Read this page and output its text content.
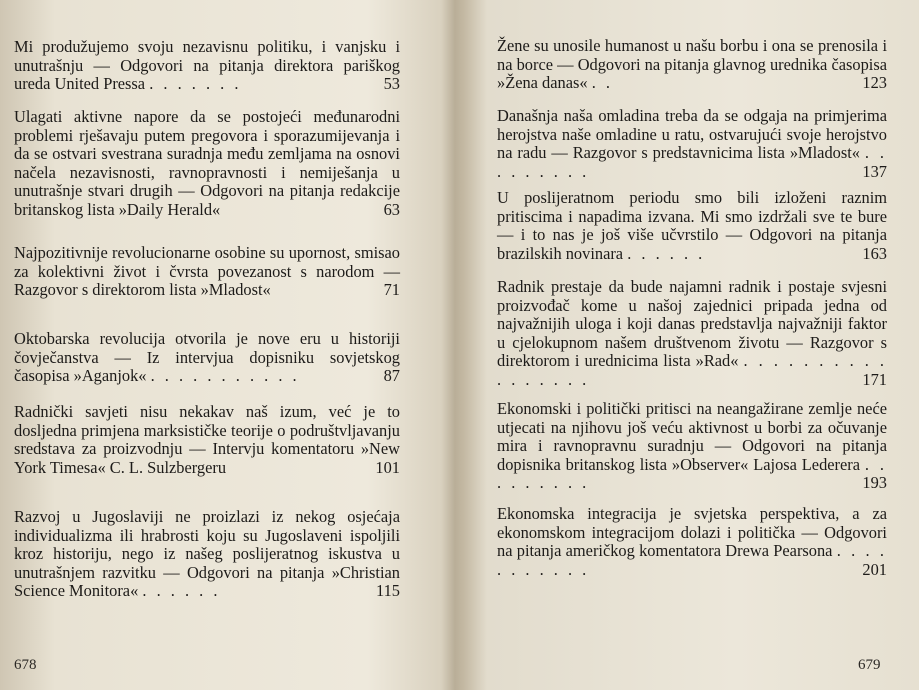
Mi produžujemo svoju nezavisnu politiku, i vanjsku i unutrašnju — Odgovori na pitanja direktora pariškog ureda United Pressa . . . . . . .	53
Ulagati aktivne napore da se postojeći međunarodni problemi rješavaju putem pregovora i sporazumijevanja i da se ostvari svestrana suradnja među zemljama na osnovi načela nezavisnosti, ravnopravnosti i nemiješanja u unutrašnje stvari drugih — Odgovori na pitanja redakcije britanskog lista »Daily Herald«	63
Najpozitivnije revolucionarne osobine su upornost, smisao za kolektivni život i čvrsta povezanost s narodom — Razgovor s direktorom lista »Mladost«	71
Oktobarska revolucija otvorila je nove eru u historiji čovječanstva — Iz intervjua dopisniku sovjetskog časopisa »Aganjok« . . . . . . . . . . .	87
Radnički savjeti nisu nekakav naš izum, već je to dosljedna primjena marksističke teorije o podruštvljavanju sredstava za proizvodnju — Intervju komentatoru »New York Timesa« C. L. Sulzbergeru	101
Razvoj u Jugoslaviji ne proizlazi iz nekog osjećaja individualizma ili hrabrosti koju su Jugoslaveni ispoljili kroz historiju, nego iz našeg poslijeratnog iskustva u unutrašnjem razvitku — Odgovori na pitanja »Christian Science Monitora« . . . . . .	115
678
Žene su unosile humanost u našu borbu i ona se prenosila i na borce — Odgovori na pitanja glavnog urednika časopisa »Žena danas« . .	123
Današnja naša omladina treba da se odgaja na primjerima herojstva naše omladine u ratu, ostvarujući svoje herojstvo na radu — Razgovor s predstavnicima lista »Mladost« . . . . . . . . .	137
U poslijeratnom periodu smo bili izloženi raznim pritiscima i napadima izvana. Mi smo izdržali sve te bure — i to nas je još više učvrstilo — Odgovori na pitanja brazilskih novinara . . . . . .	163
Radnik prestaje da bude najamni radnik i postaje svjesni proizvođač kome u našoj zajednici pripada jedna od najvažnijih uloga i koji danas predstavlja najvažniji faktor u cjelokupnom našem društvenom životu — Razgovor s direktorom i urednicima lista »Rad« . . . . . . . . . . . . . . . . .	171
Ekonomski i politički pritisci na neangažirane zemlje neće utjecati na njihovu još veću aktivnost u borbi za očuvanje mira i ravnopravnu suradnju — Odgovori na pitanja dopisnika britanskog lista »Observer« Lajosa Lederera . . . . . . . . .	193
Ekonomska integracija je svjetska perspektiva, a za ekonomskom integracijom dolazi i politička — Odgovori na pitanja američkog komentatora Drewa Pearsona . . . . . . . . . . .	201
679
